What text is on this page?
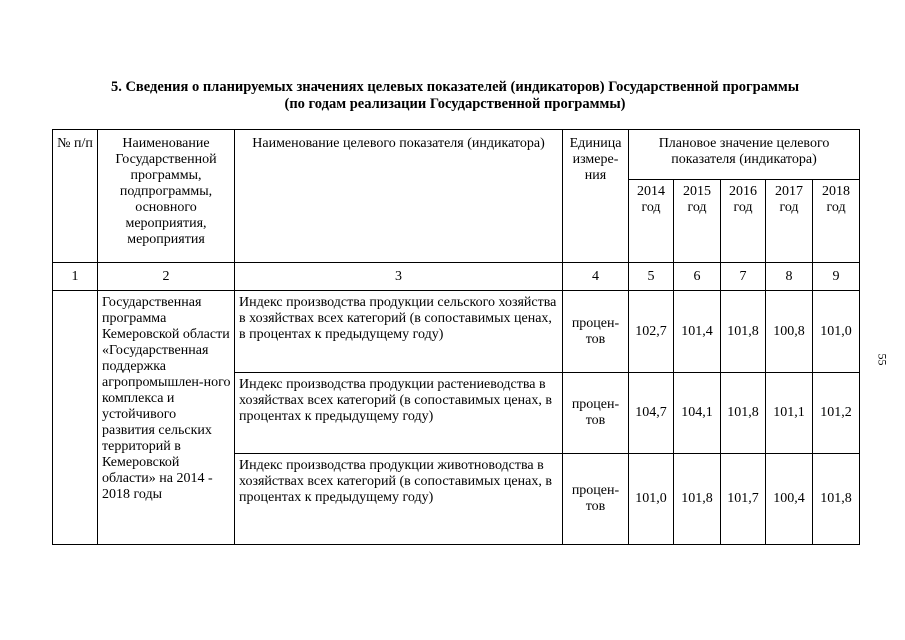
5. Сведения о планируемых значениях целевых показателей (индикаторов) Государственной программы
(по годам реализации Государственной программы)
55
№ п/п	Наименование Государственной программы, подпрограммы, основного мероприятия, мероприятия	Наименование целевого показателя (индикатора)	Единица измере-ния	Плановое значение целевого показателя (индикатора)				
				2014 год	2015 год	2016 год	2017 год	2018 год
1	2	3	4	5	6	7	8	9
	Государственная программа Кемеровской области «Государственная поддержка агропромышлен-ного комплекса и устойчивого развития сельских территорий в Кемеровской области» на 2014 - 2018 годы	Индекс производства продукции сельского хозяйства в хозяйствах всех категорий (в сопоставимых ценах, в процентах к предыдущему году)	процен-тов	102,7	101,4	101,8	100,8	101,0
		Индекс производства продукции растениеводства в хозяйствах всех категорий (в сопоставимых ценах, в процентах к предыдущему году)	процен-тов	104,7	104,1	101,8	101,1	101,2
		Индекс производства продукции животноводства в хозяйствах всех категорий (в сопоставимых ценах, в процентах к предыдущему году)	процен-тов	101,0	101,8	101,7	100,4	101,8
